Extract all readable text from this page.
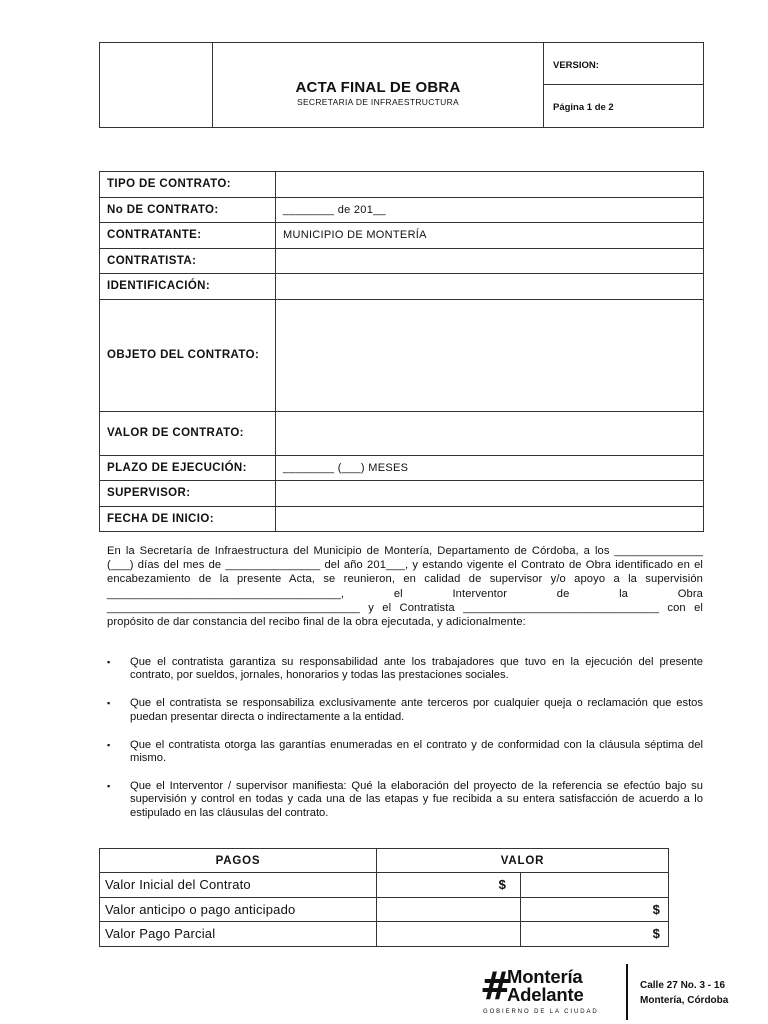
ACTA FINAL DE OBRA
SECRETARIA DE INFRAESTRUCTURA
VERSION:
Página 1 de 2
TIPO DE CONTRATO:	
No DE CONTRATO:	________ de 201__
CONTRATANTE:	MUNICIPIO DE MONTERÍA
CONTRATISTA:	
IDENTIFICACIÓN:	
OBJETO DEL CONTRATO:	
VALOR DE CONTRATO:	
PLAZO DE EJECUCIÓN:	________ (___) MESES
SUPERVISOR:	
FECHA DE INICIO:	

En la Secretaría de Infraestructura del Municipio de Montería, Departamento de Córdoba, a los ______________ (___) días del mes de _______________ del año 201___, y estando vigente el Contrato de Obra identificado en el encabezamiento de la presente Acta, se reunieron, en calidad de supervisor y/o apoyo a la supervisión _____________________________________, el Interventor de la Obra ________________________________________ y el Contratista _______________________________ con el propósito de dar constancia del recibo final de la obra ejecutada, y adicionalmente:

▪ Que el contratista garantiza su responsabilidad ante los trabajadores que tuvo en la ejecución del presente contrato, por sueldos, jornales, honorarios y todas las prestaciones sociales.
▪ Que el contratista se responsabiliza exclusivamente ante terceros por cualquier queja o reclamación que estos puedan presentar directa o indirectamente a la entidad.
▪ Que el contratista otorga las garantías enumeradas en el contrato y de conformidad con la cláusula séptima del mismo.
▪ Que el Interventor / supervisor manifiesta: Qué la elaboración del proyecto de la referencia se efectúo bajo su supervisión y control en todas y cada una de las etapas y fue recibida a su entera satisfacción de acuerdo a lo estipulado en las cláusulas del contrato.
PAGOS	VALOR	
Valor Inicial del Contrato	$	
Valor anticipo o pago anticipado		$
Valor Pago Parcial		$
#
Montería
Adelante
GOBIERNO DE LA CIUDAD
Calle 27 No. 3 - 16
Montería, Córdoba
